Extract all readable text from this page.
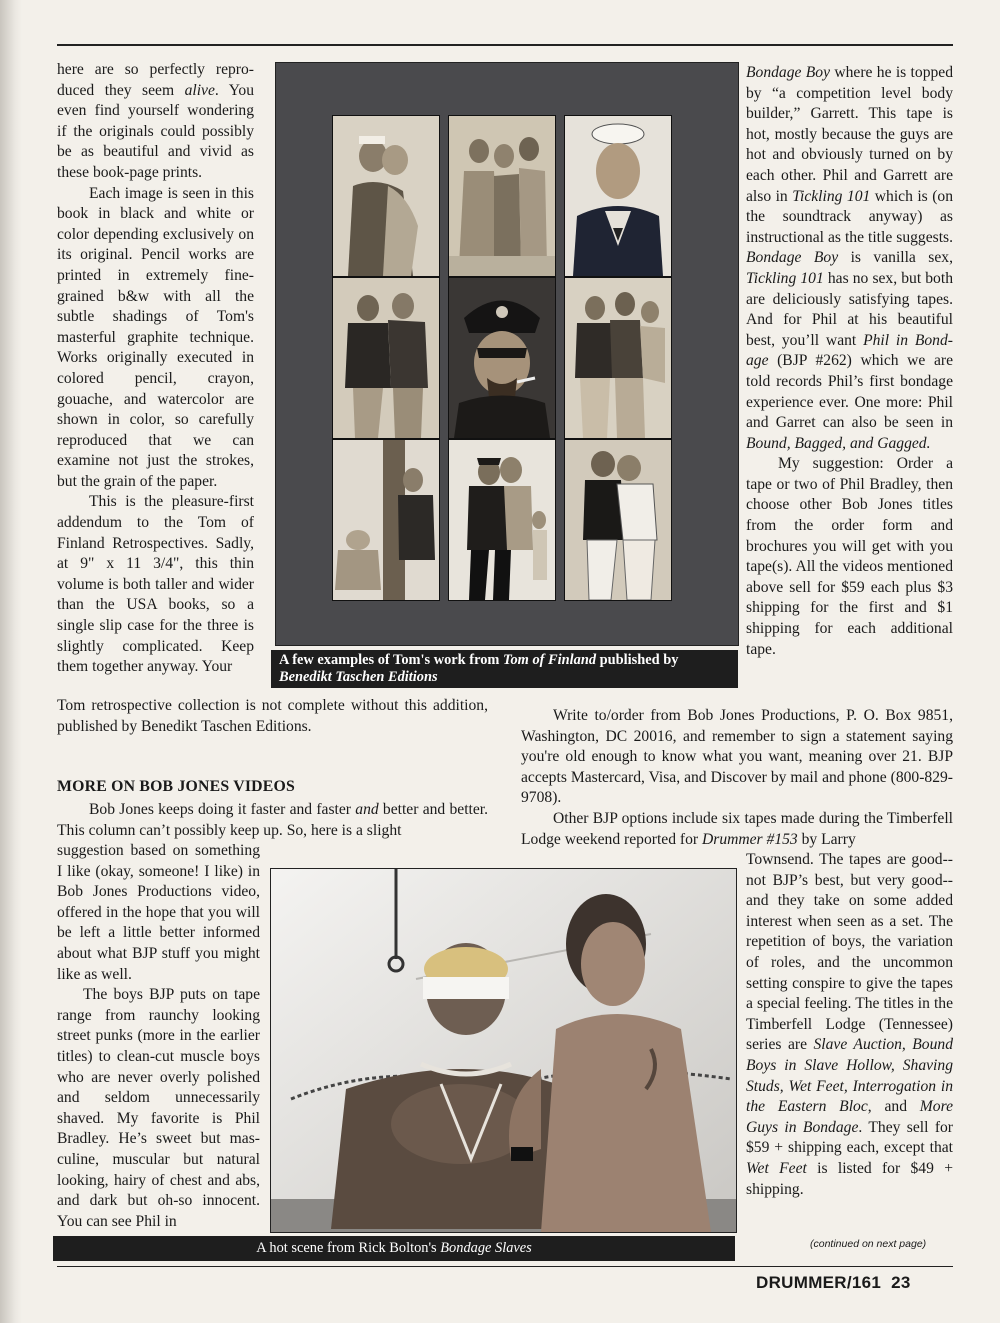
here are so perfectly reproduced they seem alive. You even find yourself wondering if the originals could possibly be as beautiful and vivid as these book-page prints.

Each image is seen in this book in black and white or color depending exclusively on its original. Pencil works are printed in extremely fine-grained b&w with all the subtle shadings of Tom's masterful graphite technique. Works originally executed in colored pencil, crayon, gouache, and watercolor are shown in color, so carefully reproduced that we can examine not just the strokes, but the grain of the paper.

This is the pleasure-first addendum to the Tom of Finland Retrospectives. Sadly, at 9" x 11 3/4", this thin volume is both taller and wider than the USA books, so a single slip case for the three is slightly complicated. Keep them together anyway. Your

Tom retrospective collection is not complete without this addition, published by Benedikt Taschen Editions.
A few examples of Tom's work from Tom of Finland published by
Benedikt Taschen Editions

Bondage Boy where he is topped by “a competition level body builder,” Garrett. This tape is hot, mostly because the guys are hot and obviously turned on by each other. Phil and Garrett are also in Tickling 101 which is (on the soundtrack anyway) as instructional as the title suggests. Bondage Boy is vanilla sex, Tickling 101 has no sex, but both are deliciously satisfying tapes. And for Phil at his beautiful best, you’ll want Phil in Bondage (BJP #262) which we are told records Phil’s first bondage experience ever. One more: Phil and Garret can also be seen in Bound, Bagged, and Gagged.

My suggestion: Order a tape or two of Phil Bradley, then choose other Bob Jones titles from the order form and brochures you will get with you tape(s). All the videos mentioned above sell for $59 each plus $3 shipping for the first and $1 shipping for each additional tape.

Write to/order from Bob Jones Productions, P. O. Box 9851, Washington, DC 20016, and remember to sign a statement saying you're old enough to know what you want, meaning over 21. BJP accepts Mastercard, Visa, and Discover by mail and phone (800-829-9708).

Other BJP options include six tapes made during the Timberfell Lodge weekend reported for Drummer #153 by Larry

Townsend. The tapes are good--not BJP’s best, but very good--and they take on some added interest when seen as a set. The repetition of boys, the variation of roles, and the uncommon setting conspire to give the tapes a special feeling. The titles in the Timberfell Lodge (Tennessee) series are Slave Auction, Bound Boys in Slave Hollow, Shaving Studs, Wet Feet, Interrogation in the Eastern Bloc, and More Guys in Bondage. They sell for $59 + shipping each, except that Wet Feet is listed for $49 + shipping.

MORE ON BOB JONES VIDEOS

Bob Jones keeps doing it faster and faster and better and better. This column can’t possibly keep up. So, here is a slight

suggestion based on something I like (okay, someone! I like) in Bob Jones Productions video, offered in the hope that you will be left a little better informed about what BJP stuff you might like as well.

The boys BJP puts on tape range from raunchy looking street punks (more in the earlier titles) to clean-cut muscle boys who are never overly polished and seldom unnecessarily shaved. My favorite is Phil Bradley. He’s sweet but masculine, muscular but natural looking, hairy of chest and abs, and dark but oh-so innocent. You can see Phil in

A hot scene from Rick Bolton's Bondage Slaves	(continued on next page)
DRUMMER/161 23
